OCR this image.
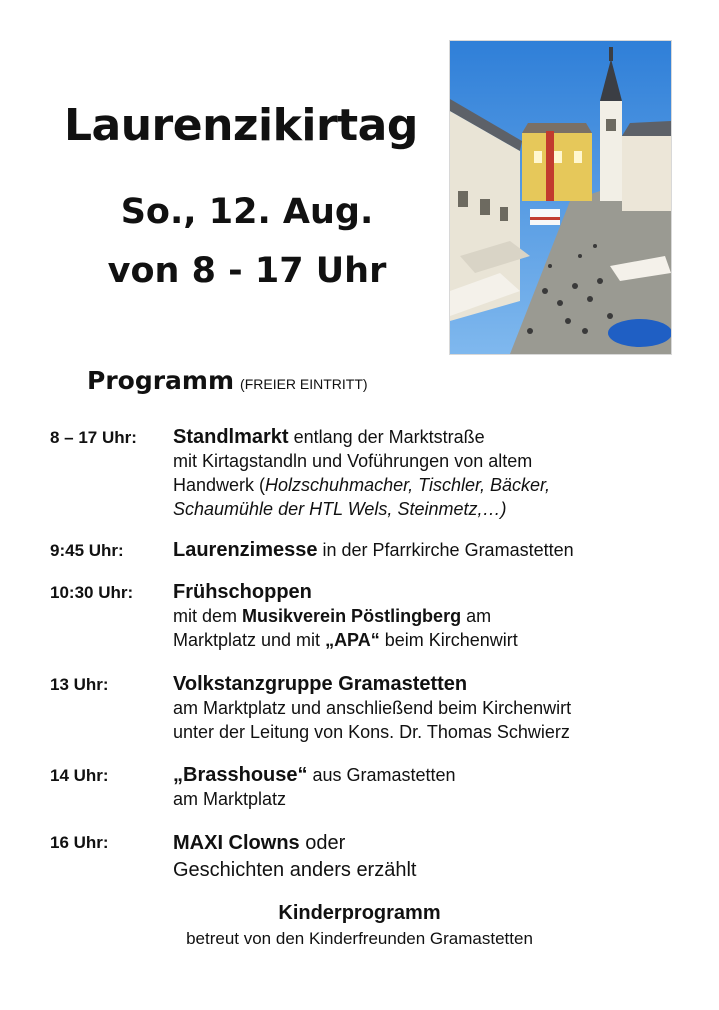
Laurenzikirtag

So., 12. Aug.

von 8 - 17 Uhr

Programm (FREIER EINTRITT)
8 – 17 Uhr: Standlmarkt entlang der Marktstraße
mit Kirtagstandln und Voführungen von altem
Handwerk (Holzschuhmacher, Tischler, Bäcker,
Schaumühle der HTL Wels, Steinmetz,…)
9:45 Uhr: Laurenzimesse in der Pfarrkirche Gramastetten
10:30 Uhr: Frühschoppen
mit dem Musikverein Pöstlingberg am
Marktplatz und mit „APA“ beim Kirchenwirt
13 Uhr:	Volkstanzgruppe Gramastetten
am Marktplatz und anschließend beim Kirchenwirt
unter der Leitung von Kons. Dr. Thomas Schwierz
14 Uhr:	„Brasshouse“ aus Gramastetten
am Marktplatz
16 Uhr:	MAXI Clowns oder
Geschichten anders erzählt
Kinderprogramm
betreut von den Kinderfreunden Gramastetten
